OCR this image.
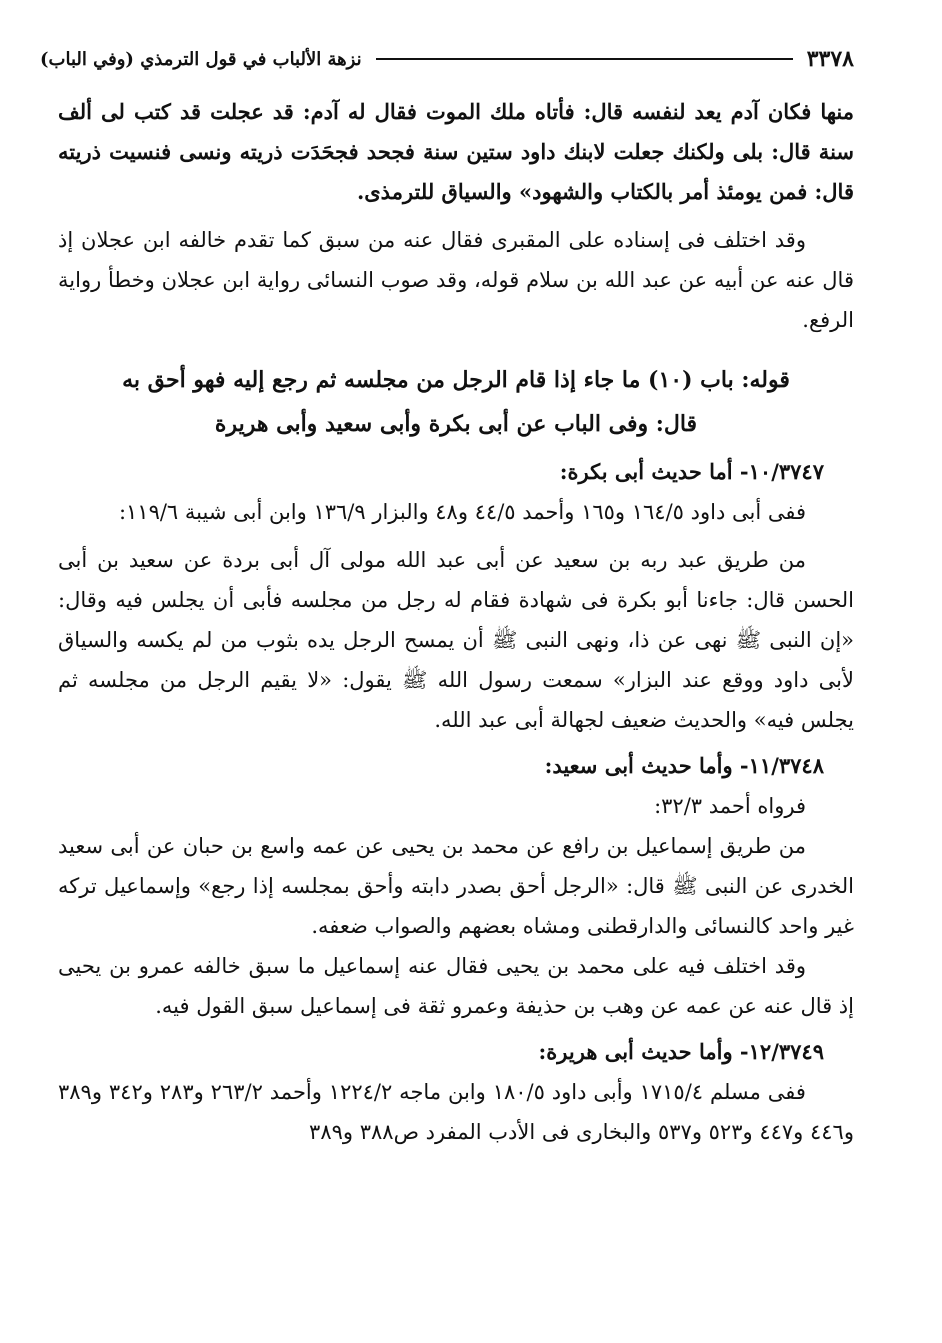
٣٣٧٨
نزهة الألباب في قول الترمذي (وفي الباب)

منها فكان آدم يعد لنفسه قال: فأتاه ملك الموت فقال له آدم: قد عجلت قد كتب لى ألف سنة قال: بلى ولكنك جعلت لابنك داود ستين سنة فجحد فجحَدَت ذريته ونسى فنسيت ذريته قال: فمن يومئذ أمر بالكتاب والشهود» والسياق للترمذى.

وقد اختلف فى إسناده على المقبرى فقال عنه من سبق كما تقدم خالفه ابن عجلان إذ قال عنه عن أبيه عن عبد الله بن سلام قوله، وقد صوب النسائى رواية ابن عجلان وخطأ رواية الرفع.

قوله: باب (١٠) ما جاء إذا قام الرجل من مجلسه ثم رجع إليه فهو أحق به
قال: وفى الباب عن أبى بكرة وأبى سعيد وأبى هريرة
١٠/٣٧٤٧- أما حديث أبى بكرة:

ففى أبى داود ١٦٤/٥ و١٦٥ وأحمد ٤٤/٥ و٤٨ والبزار ١٣٦/٩ وابن أبى شيبة ١١٩/٦:

من طريق عبد ربه بن سعيد عن أبى عبد الله مولى آل أبى بردة عن سعيد بن أبى الحسن قال: جاءنا أبو بكرة فى شهادة فقام له رجل من مجلسه فأبى أن يجلس فيه وقال: «إن النبى ﷺ نهى عن ذا، ونهى النبى ﷺ أن يمسح الرجل يده بثوب من لم يكسه والسياق لأبى داود ووقع عند البزار» سمعت رسول الله ﷺ يقول: «لا يقيم الرجل من مجلسه ثم يجلس فيه» والحديث ضعيف لجهالة أبى عبد الله.

١١/٣٧٤٨- وأما حديث أبى سعيد:

فرواه أحمد ٣٢/٣:

من طريق إسماعيل بن رافع عن محمد بن يحيى عن عمه واسع بن حبان عن أبى سعيد الخدرى عن النبى ﷺ قال: «الرجل أحق بصدر دابته وأحق بمجلسه إذا رجع» وإسماعيل تركه غير واحد كالنسائى والدارقطنى ومشاه بعضهم والصواب ضعفه.

وقد اختلف فيه على محمد بن يحيى فقال عنه إسماعيل ما سبق خالفه عمرو بن يحيى إذ قال عنه عن عمه عن وهب بن حذيفة وعمرو ثقة فى إسماعيل سبق القول فيه.

١٢/٣٧٤٩- وأما حديث أبى هريرة:

ففى مسلم ١٧١٥/٤ وأبى داود ١٨٠/٥ وابن ماجه ١٢٢٤/٢ وأحمد ٢٦٣/٢ و٢٨٣ و٣٤٢ و٣٨٩ و٤٤٦ و٤٤٧ و٥٢٣ و٥٣٧ والبخارى فى الأدب المفرد ص٣٨٨ و٣٨٩
